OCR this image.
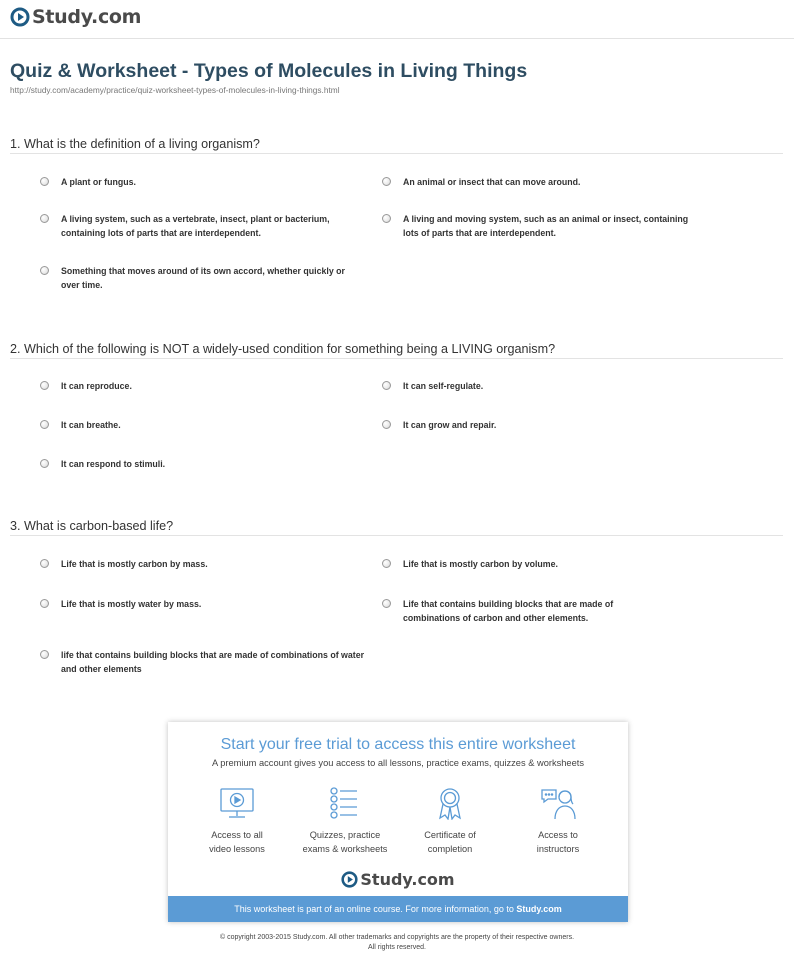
Study.com
Quiz & Worksheet - Types of Molecules in Living Things
http://study.com/academy/practice/quiz-worksheet-types-of-molecules-in-living-things.html
1. What is the definition of a living organism?
A plant or fungus.	An animal or insect that can move around.
A living system, such as a vertebrate, insect, plant or bacterium, containing lots of parts that are interdependent.
A living and moving system, such as an animal or insect, containing lots of parts that are interdependent.
Something that moves around of its own accord, whether quickly or over time.
2. Which of the following is NOT a widely-used condition for something being a LIVING organism?
It can reproduce.	It can self-regulate.
It can breathe.	It can grow and repair.
It can respond to stimuli.
3. What is carbon-based life?
Life that is mostly carbon by mass.	Life that is mostly carbon by volume.
Life that is mostly water by mass.	Life that contains building blocks that are made of combinations of carbon and other elements.
life that contains building blocks that are made of combinations of water and other elements
Start your free trial to access this entire worksheet
A premium account gives you access to all lessons, practice exams, quizzes & worksheets
Access to all
video lessons
Quizzes, practice
exams & worksheets
Certificate of
completion
Access to
instructors
Study.com
This worksheet is part of an online course. For more information, go to Study.com
© copyright 2003-2015 Study.com. All other trademarks and copyrights are the property of their respective owners.
All rights reserved.
